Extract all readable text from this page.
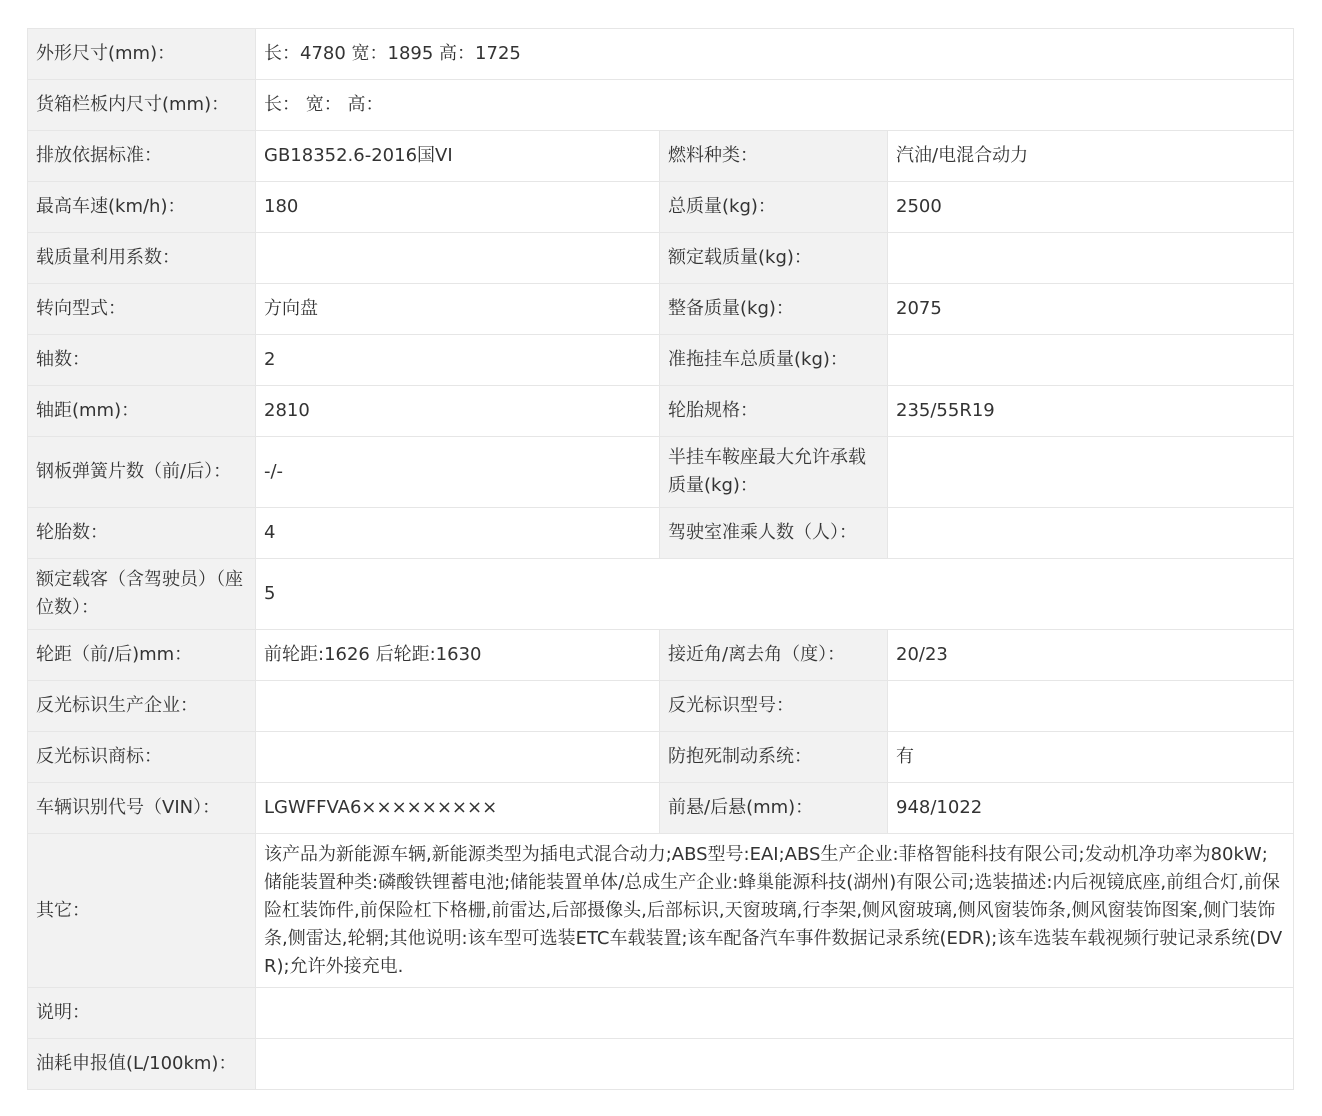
外形尺寸(mm)：	长：4780 宽：1895 高：1725		
货箱栏板内尺寸(mm)：	长： 宽： 高：		
排放依据标准：	GB18352.6-2016国VI	燃料种类：	汽油/电混合动力
最高车速(km/h)：	180	总质量(kg)：	2500
载质量利用系数：		额定载质量(kg)：	
转向型式：	方向盘	整备质量(kg)：	2075
轴数：	2	准拖挂车总质量(kg)：	
轴距(mm)：	2810	轮胎规格：	235/55R19
钢板弹簧片数（前/后）：	-/-	半挂车鞍座最大允许承载质量(kg)：	
轮胎数：	4	驾驶室准乘人数（人）：	
额定载客（含驾驶员）（座位数）：	5		
轮距（前/后)mm：	前轮距:1626 后轮距:1630	接近角/离去角（度）：	20/23
反光标识生产企业：		反光标识型号：	
反光标识商标：		防抱死制动系统：	有
车辆识别代号（VIN）：	LGWFFVA6×××××××××	前悬/后悬(mm)：	948/1022
其它：	该产品为新能源车辆,新能源类型为插电式混合动力;ABS型号:EAI;ABS生产企业:菲格智能科技有限公司;发动机净功率为80kW;储能装置种类:磷酸铁锂蓄电池;储能装置单体/总成生产企业:蜂巢能源科技(湖州)有限公司;选装描述:内后视镜底座,前组合灯,前保险杠装饰件,前保险杠下格栅,前雷达,后部摄像头,后部标识,天窗玻璃,行李架,侧风窗玻璃,侧风窗装饰条,侧风窗装饰图案,侧门装饰条,侧雷达,轮辋;其他说明:该车型可选装ETC车载装置;该车配备汽车事件数据记录系统(EDR);该车选装车载视频行驶记录系统(DVR);允许外接充电.		
说明：			
油耗申报值(L/100km)：			
